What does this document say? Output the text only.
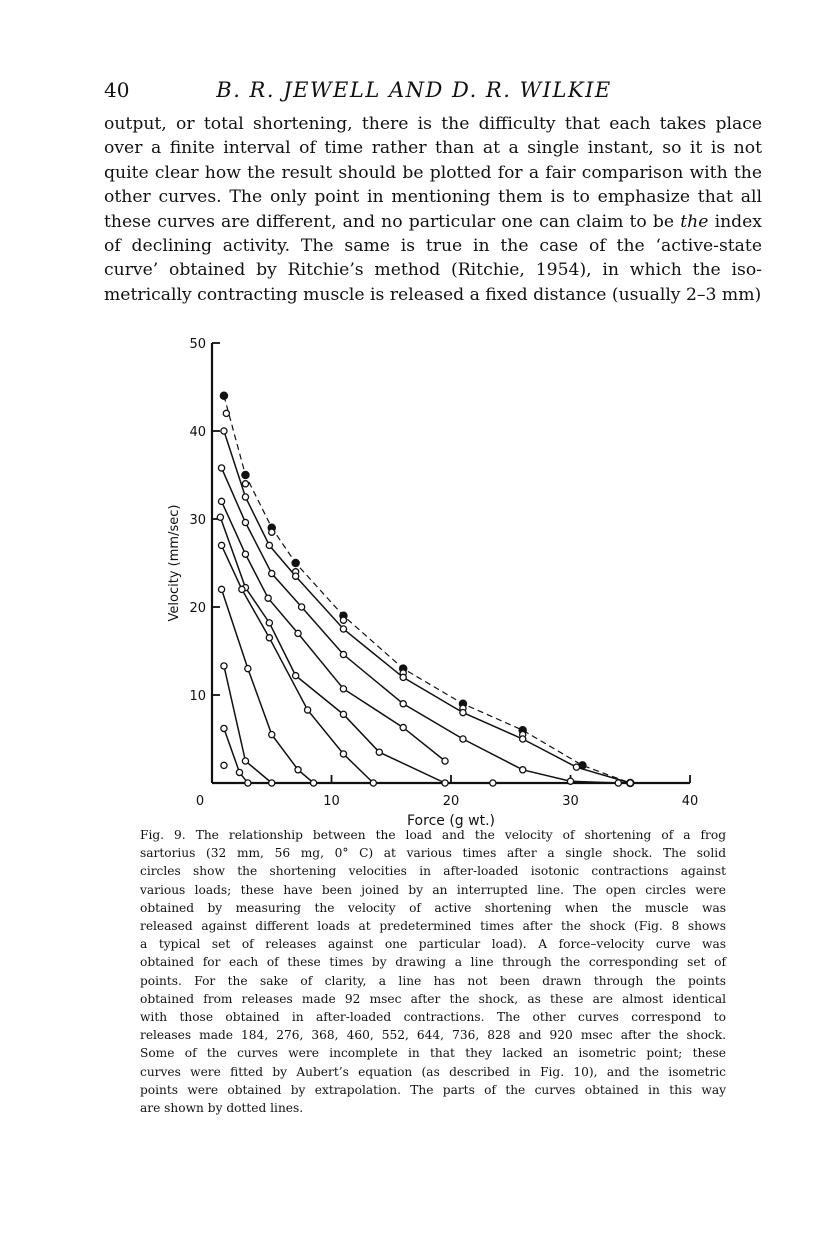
40	B. R. JEWELL AND D. R. WILKIE
output, or total shortening, there is the difficulty that each takes place
over a finite interval of time rather than at a single instant, so it is not
quite clear how the result should be plotted for a fair comparison with the
other curves. The only point in mentioning them is to emphasize that all
these curves are different, and no particular one can claim to be the index
of declining activity. The same is true in the case of the ‘active-state
curve’ obtained by Ritchie’s method (Ritchie, 1954), in which the iso-
metrically contracting muscle is released a fixed distance (usually 2–3 mm)
0	10	20	30	40
10
20
30
40
50
Force (g wt.)
Velocity (mm/sec)
Fig. 9. The relationship between the load and the velocity of shortening of a frog
sartorius (32 mm, 56 mg, 0° C) at various times after a single shock. The solid
circles show the shortening velocities in after-loaded isotonic contractions against
various loads; these have been joined by an interrupted line. The open circles were
obtained by measuring the velocity of active shortening when the muscle was
released against different loads at predetermined times after the shock (Fig. 8 shows
a typical set of releases against one particular load). A force–velocity curve was
obtained for each of these times by drawing a line through the corresponding set of
points. For the sake of clarity, a line has not been drawn through the points
obtained from releases made 92 msec after the shock, as these are almost identical
with those obtained in after-loaded contractions. The other curves correspond to
releases made 184, 276, 368, 460, 552, 644, 736, 828 and 920 msec after the shock.
Some of the curves were incomplete in that they lacked an isometric point; these
curves were fitted by Aubert’s equation (as described in Fig. 10), and the isometric
points were obtained by extrapolation. The parts of the curves obtained in this way
are shown by dotted lines.
